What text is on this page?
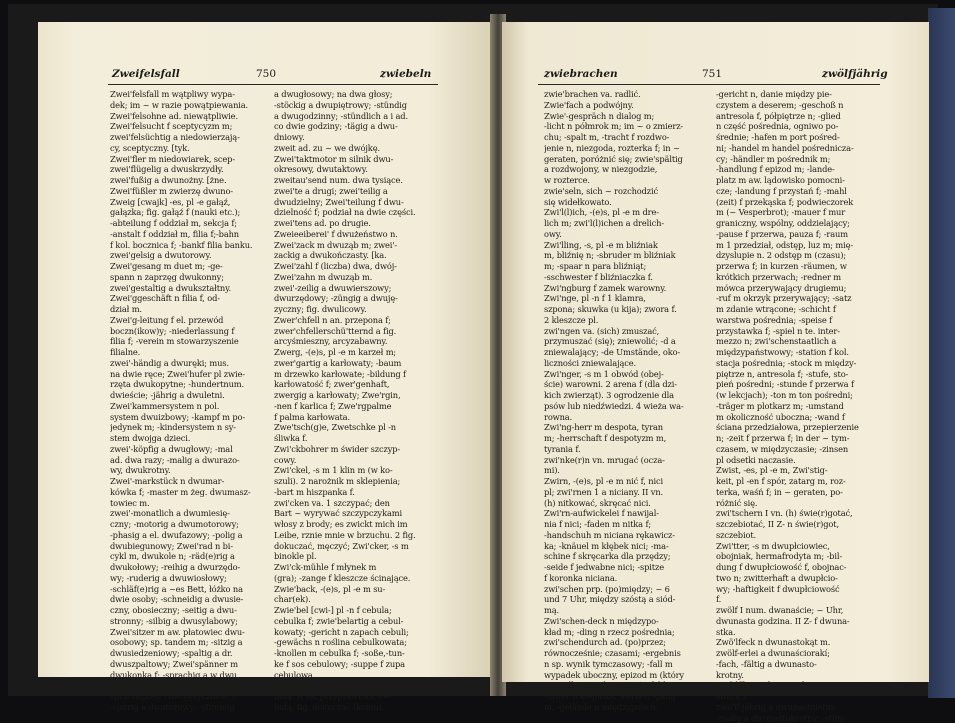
Zweifelsfall	750	zwiebeln
Zwei'felsfall m wątpliwy wypa-
dek; im ~ w razie powątpiewania.
Zwei'felsohne ad. niewątpliwie.
Zwei'felsucht f sceptycyzm m;
zwei'felsüchtig a niedowierzają-
cy, sceptyczny. [tyk.
Zwei'fler m niedowiarek, scep-
zwei'flügelig a dwuskrzydły.
zwei'fußig a dwunożny. [żne.
Zwei'füßler m zwierzę dwuno-
Zweig [cwajk] -es, pl -e gałąź,
gałązka; fig. gałąź f (nauki etc.);
-abteilung f oddział m, sekcja f;
-anstalt f oddział m, filia f;-bahn
f kol. bocznica f; -bankf filia banku.
zwei'gelsig a dwutorowy.
Zwei'gesang m duet m; -ge-
spann n zaprzęg dwukonny;
zwei'gestaltig a dwukształtny.
Zwei'ggeschäft n filia f, od-
dział m.
Zwei'g-leitung f el. przewód
boczn(ikow)y; -niederlassung f
filia f; -verein m stowarzyszenie
filialne.
zwei'-händig a dwuręki; mus.
na dwie ręce; Zwei'hufer pl zwie-
rzęta dwukopytne; -hundertnum.
dwieście; -jährig a dwuletni.
Zwei'kammersystem n pol.
system dwuizbowy; -kampf m po-
jedynek m; -kindersystem n sy-
stem dwojga dzieci.
zwei'-köpfig a dwugłowy; -mal
ad. dwa razy; -malig a dwurazo-
wy, dwukrotny.
Zwei'-markstück n dwumar-
kówka f; -master m żeg. dwumasz-
towiec m.
zwei'-monatlich a dwumiesię-
czny; -motorig a dwumotorowy;
-phasig a el. dwufazowy; -polig a
dwubiegunowy; Zwei'rad n bi-
cykl m, dwukole n; -räd(e)rig a
dwukołowy; -reihig a dwurzędo-
wy; -ruderig a dwuwiosłowy;
-schläf(e)rig a ~es Bett, łóżko na
dwie osoby; -schneidig a dwusie-
czny, obosieczny; -seitig a dwu-
stronny; -silbig a dwusylabowy;
Zwei'sitzer m aw. płatowiec dwu-
osobowy; sp. tandem m; -sitzig a
dwusiedzeniowy; -spaltig a dr.
dwuszpaltowy; Zwei'spänner m
dwukonka f; -sprachig a w dwu
językach, dwujęzyczny; Zwei'-
sprachigkeit f dwujęzyczność f;
-spurig a dwutorowy; -stimmig
a dwugłosowy; na dwa głosy;
-stöckig a dwupiętrowy; -stündig
a dwugodzinny; -stündlich a i ad.
co dwie godziny; -tägig a dwu-
dniowy.
zweit ad. zu ~ we dwójkę.
Zwei'taktmotor m silnik dwu-
okresowy, dwutaktowy.
zweitau'send num. dwa tysiące.
zwei'te a drugi; zwei'teilig a
dwudzielny; Zwei'teilung f dwu-
dzielność f; podział na dwie części.
zwei'tens ad. po drugie.
Zweieeiberei' f dwużeństwo n.
Zwei'zack m dwuząb m; zwei'-
zackig a dwukończasty. [ka.
Zwei'zahl f (liczba) dwa, dwój-
Zwei'zahn m dwuząb m.
zwei'-zeilig a dwuwierszowy;
dwurzędowy; -züngig a dwuję-
zyczny; fig. dwulicowy.
Zwer'chfell n an. przepona f;
zwer'chfellerschü'tternd a fig.
arcyśmieszny, arcyzabawny.
Zwerg, -(e)s, pl -e m karzeł m;
zwer'gartig a karłowaty; -baum
m drzewko karłowate; -bildung f
karłowatość f; zwer'genhaft,
zwergig a karłowaty; Zwe'rgin,
-nen f karlica f; Zwe'rgpalme
f palma karłowata.
Zwe'tsch(g)e, Zwetschke pl -n
śliwka f.
Zwi'ckbohrer m świder szczyp-
cowy.
Zwi'ckel, -s m 1 klin m (w ko-
szuli). 2 narożnik m sklepienia;
-bart m hiszpanka f.
zwi'cken va. 1 szczypać; den
Bart ~ wyrywać szczypczykami
włosy z brody; es zwickt mich im
Leibe, rznie mnie w brzuchu. 2 fig.
dokuczać, męczyć; Zwi'cker, -s m
binokle pl.
Zwi'ck-mühle f młynek m
(gra); -zange f kleszcze ścinające.
Zwie'back, -(e)s, pl -e m su-
char(ek).
Zwie'bel [cwi-] pl -n f cebula;
cebulka f; zwie'belartig a cebul-
kowaty; -gericht n zapach cebuli;
-gewächs n roślina cebulkowata;
-knollen m cebulka f; -soße,-tun-
ke f sos cebulowy; -suppe f zupa
cebulowa.
zwie'beln I vn. (h) wonieć ce-
bulą. II va. przyprawi(a)ć ce-
bulą; fig. dokuczać (komu).
zwiebrachen	751	zwölfjährig
zwie'brachen va. radlić.
Zwie'fach a podwójny.
Zwie'-gespräch n dialog m;
-licht n półmrok m; im ~ o zmierz-
chu; -spalt m, -tracht f rozdwo-
jenie n, niezgoda, rozterka f; in ~
geraten, poróżnić się; zwie'spältig
a rozdwojony, w niezgodzie,
w rozterce.
zwie'seln, sich ~ rozchodzić
się widełkowato.
Zwi'l(l)ich, -(e)s, pl -e m dre-
lich m; zwi'l(l)ichen a drelich-
owy.
Zwi'lling, -s, pl -e m bliźniak
m, bliźnię n; -sbruder m bliźniak
m; -spaar n para bliźniąt;
-sschwester f bliźniaczka f.
Zwi'ngburg f zamek warowny.
Zwi'nge, pl -n f 1 klamra,
szpona; skuwka (u kija); zwora f.
2 kleszcze pl.
zwi'ngen va. (sich) zmuszać,
przymuszać (się); zniewolić; -d a
zniewalający; -de Umstände, oko-
liczności zniewalające.
Zwi'nger, -s m 1 obwód (obej-
ście) warowni. 2 arena f (dla dzi-
kich zwierząt). 3 ogrodzenie dla
psów lub niedźwiedzi. 4 wieża wa-
rowna.
Zwi'ng-herr m despota, tyran
m; -herrschaft f despotyzm m,
tyrania f.
zwi'nke(r)n vn. mrugać (ocza-
mi).
Zwirn, -(e)s, pl -e m nić f, nici
pl; zwi'rnen 1 a niciany. II vn.
(h) nitkować, skręcać nici.
Zwi'rn-aufwickelei f nawijal-
nia f nici; -faden m nitka f;
-handschuh m niciana rękawicz-
ka; -knäuel m kłębek nici; -ma-
schine f skręcarka dla przędzy;
-seide f jedwabne nici; -spitze
f koronka niciana.
zwi'schen prp. (po)między; ~ 6
und 7 Uhr, między szóstą a siód-
mą.
Zwi'schen-deck n międzypo-
kład m; -ding n rzecz pośrednia;
zwi'schendurch ad. (po)przez;
równocześnie; czasami; -ergebnis
n sp. wynik tymczasowy; -fall m
wypadek uboczny, epizod m (który
zaszedł w międzyczasie); -feld,
-futter n klejonka, werla f; -gang
m, -gelände n międzypole n;
-gericht n, danie między pie-
czystem a deserem; -geschoß n
antresola f, półpiętrze n; -glied
n część pośrednia, ogniwo po-
średnie; -hafen m port pośred-
ni; -handel m handel pośrednicza-
cy; -händler m pośrednik m;
-handlung f epizod m; -lande-
platz m aw. lądowisko pomocni-
cze; -landung f przystań f; -mahl
(zeit) f przekąska f; podwieczorek
m (~ Vesperbrot); -mauer f mur
graniczny, wspólny, oddzielający;
-pause f przerwa, pauza f; -raum
m 1 przedział, odstęp, luz m; mię-
dzyslupie n. 2 odstęp m (czasu);
przerwa f; in kurzen -räumen, w
krótkich przerwach; -redner m
mówca przerywający drugiemu;
-ruf m okrzyk przerywający; -satz
m zdanie wtrącone; -schicht f
warstwa pośrednia; -speise f
przystawka f; -spiel n te. inter-
mezzo n; zwi'schenstaatlich a
międzypaństwowy; -station f kol.
stacja pośrednia; -stock m między-
piętrze n, antresola f; -stufe, sto-
pień pośredni; -stunde f przerwa f
(w lekcjach); -ton m ton pośredni;
-träger m plotkarz m; -umstand
m okoliczność uboczna; -wand f
ściana przedziałowa, przepierzenie
n; -zeit f przerwa f; in der ~ tym-
czasem, w międzyczasie; -zinsen
pl odsetki naczasie.
Zwist, -es, pl -e m, Zwi'stig-
keit, pl -en f spór, zatarg m, roz-
terka, waśń f; in ~ geraten, po-
różnić się.
zwi'tschern I vn. (h) świe(r)gotać,
szczebiotać, II Z- n świe(r)got,
szczebiot.
Zwi'tter, -s m dwupłciowiec,
obojniak, hermafrodyta m; -bil-
dung f dwupłciowość f, obojnac-
two n; zwitterhaft a dwupłcio-
wy; -haftigkeit f dwupłciowość
f.
zwölf I num. dwanaście; ~ Uhr,
dwunasta godzina. II Z- f dwuna-
stka.
Zwö'lfeck n dwunastokąt m.
zwölf-erlei a dwunaściorakí;
-fach, -fältig a dwunasto-
krotny.
Zwö'lffingerdarm m dwuna-
stnica f.
zwö'lf-jährig a dwunastoletni;
-malig a dwunastokrotny; -stün-
